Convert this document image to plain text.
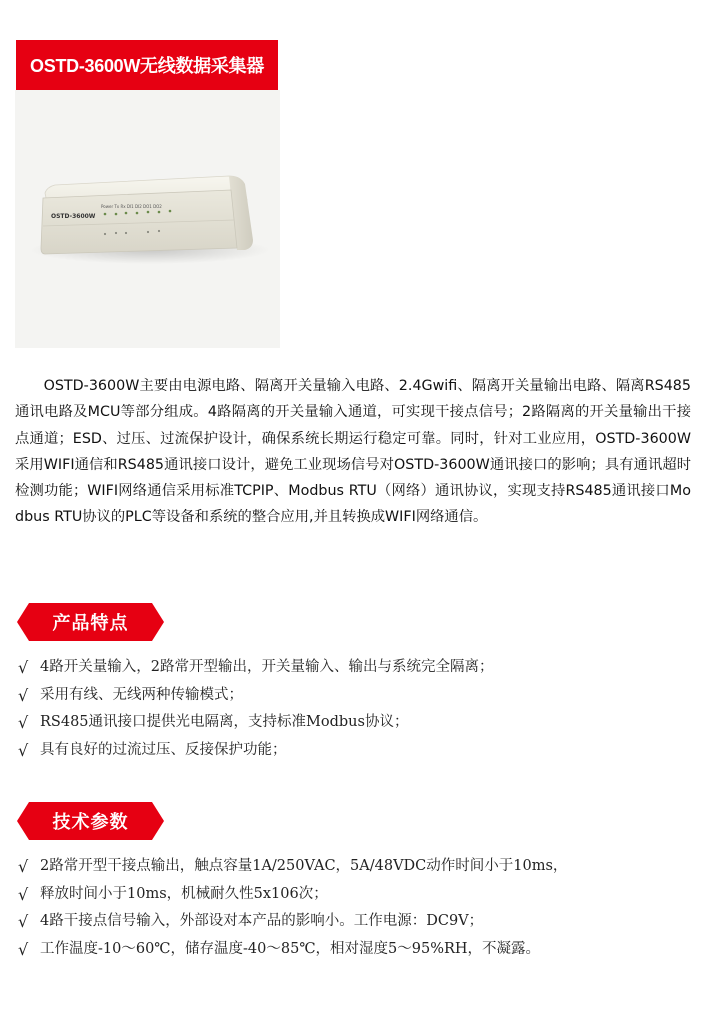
OSTD-3600W无线数据采集器
OSTD-3600W
Power Tx Rx DI1 DI2 DO1 DO2
OSTD-3600W主要由电源电路、隔离开关量输入电路、2.4Gwifi、隔离开关量输出电路、隔离RS485通讯电路及MCU等部分组成。4路隔离的开关量输入通道，可实现干接点信号；2路隔离的开关量输出干接点通道；ESD、过压、过流保护设计，确保系统长期运行稳定可靠。同时，针对工业应用，OSTD-3600W采用WIFI通信和RS485通讯接口设计，避免工业现场信号对OSTD-3600W通讯接口的影响；具有通讯超时检测功能；WIFI网络通信采用标准TCPIP、Modbus RTU（网络）通讯协议，实现支持RS485通讯接口Modbus RTU协议的PLC等设备和系统的整合应用,并且转换成WIFI网络通信。
产品特点
√ 4路开关量输入，2路常开型输出，开关量输入、输出与系统完全隔离；
√ 采用有线、无线两种传输模式；
√ RS485通讯接口提供光电隔离，支持标准Modbus协议；
√ 具有良好的过流过压、反接保护功能；
技术参数
√ 2路常开型干接点输出，触点容量1A/250VAC，5A/48VDC动作时间小于10ms，
√ 释放时间小于10ms，机械耐久性5x106次；
√ 4路干接点信号输入，外部设对本产品的影响小。工作电源：DC9V；
√ 工作温度-10～60℃，储存温度-40～85℃，相对湿度5～95%RH，不凝露。
